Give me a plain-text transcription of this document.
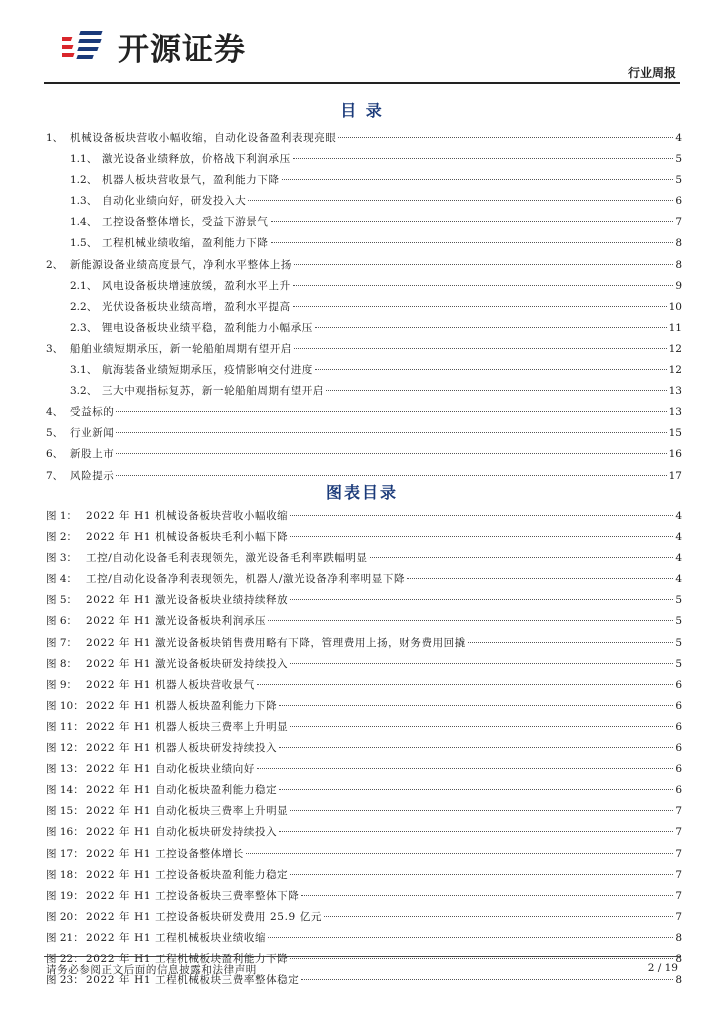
开源证券
行业周报
目 录
1、 机械设备板块营收小幅收缩，自动化设备盈利表现亮眼	4
1.1、 激光设备业绩释放，价格战下利润承压	5
1.2、 机器人板块营收景气，盈利能力下降	5
1.3、 自动化业绩向好，研发投入大	6
1.4、 工控设备整体增长，受益下游景气	7
1.5、 工程机械业绩收缩，盈利能力下降	8
2、 新能源设备业绩高度景气，净利水平整体上扬	8
2.1、 风电设备板块增速放缓，盈利水平上升	9
2.2、 光伏设备板块业绩高增，盈利水平提高	10
2.3、 锂电设备板块业绩平稳，盈利能力小幅承压	11
3、 船舶业绩短期承压，新一轮船舶周期有望开启	12
3.1、 航海装备业绩短期承压，疫情影响交付进度	12
3.2、 三大中观指标复苏，新一轮船舶周期有望开启	13
4、 受益标的	13
5、 行业新闻	15
6、 新股上市	16
7、 风险提示	17
图表目录
图 1： 2022 年 H1 机械设备板块营收小幅收缩	4
图 2： 2022 年 H1 机械设备板块毛利小幅下降	4
图 3： 工控/自动化设备毛利表现领先，激光设备毛利率跌幅明显	4
图 4： 工控/自动化设备净利表现领先，机器人/激光设备净利率明显下降	4
图 5： 2022 年 H1 激光设备板块业绩持续释放	5
图 6： 2022 年 H1 激光设备板块利润承压	5
图 7： 2022 年 H1 激光设备板块销售费用略有下降，管理费用上扬，财务费用回撬	5
图 8： 2022 年 H1 激光设备板块研发持续投入	5
图 9： 2022 年 H1 机器人板块营收景气	6
图 10： 2022 年 H1 机器人板块盈利能力下降	6
图 11： 2022 年 H1 机器人板块三费率上升明显	6
图 12： 2022 年 H1 机器人板块研发持续投入	6
图 13： 2022 年 H1 自动化板块业绩向好	6
图 14： 2022 年 H1 自动化板块盈利能力稳定	6
图 15： 2022 年 H1 自动化板块三费率上升明显	7
图 16： 2022 年 H1 自动化板块研发持续投入	7
图 17： 2022 年 H1 工控设备整体增长	7
图 18： 2022 年 H1 工控设备板块盈利能力稳定	7
图 19： 2022 年 H1 工控设备板块三费率整体下降	7
图 20： 2022 年 H1 工控设备板块研发费用 25.9 亿元	7
图 21： 2022 年 H1 工程机械板块业绩收缩	8
图 22： 2022 年 H1 工程机械板块盈利能力下降	8
图 23： 2022 年 H1 工程机械板块三费率整体稳定	8
请务必参阅正文后面的信息披露和法律声明	2 / 19
